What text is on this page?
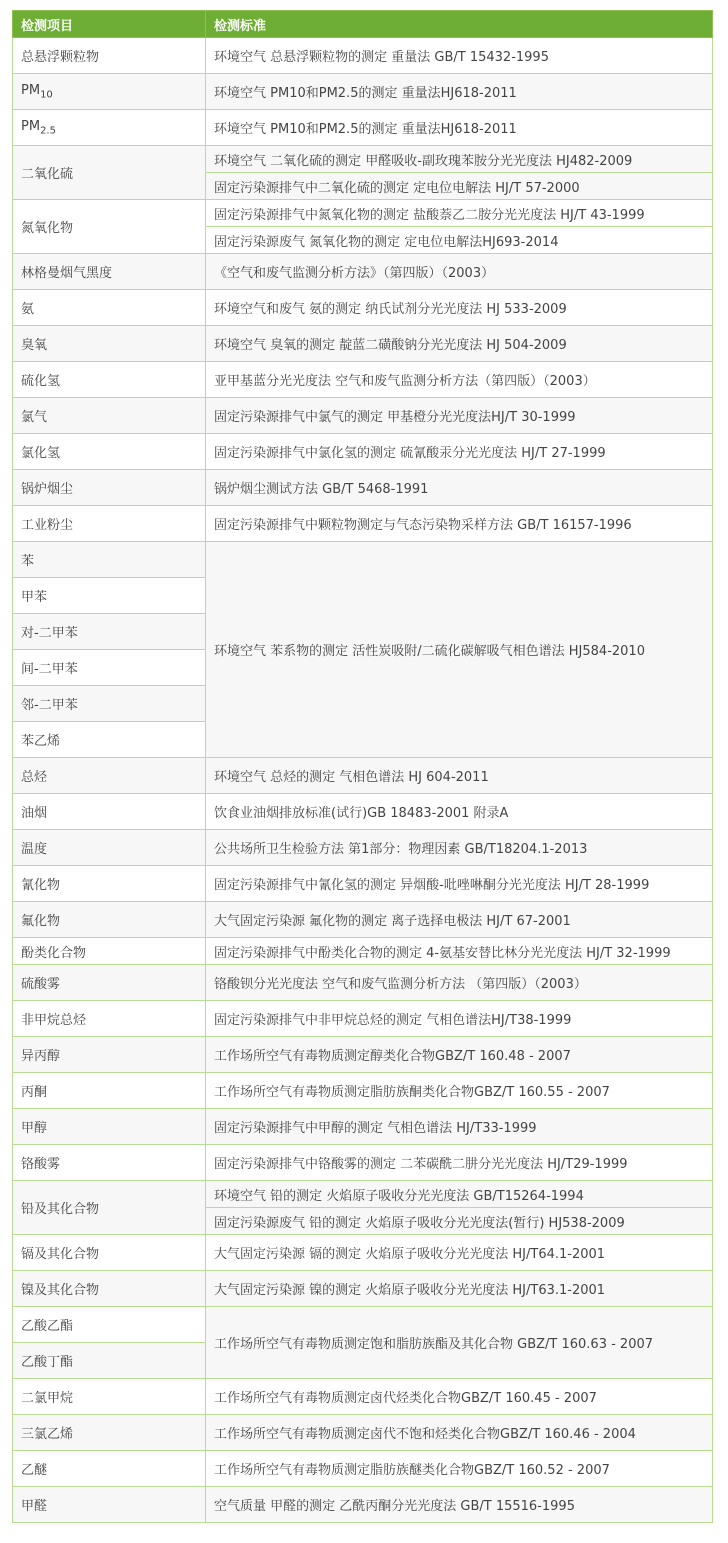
检测项目	检测标准
总悬浮颗粒物	环境空气 总悬浮颗粒物的测定 重量法 GB/T 15432-1995
$PM_{10}$	环境空气 PM10和PM2.5的测定 重量法HJ618-2011
$PM_{2.5}$	环境空气 PM10和PM2.5的测定 重量法HJ618-2011
二氧化硫	环境空气 二氧化硫的测定 甲醛吸收-副玫瑰苯胺分光光度法 HJ482-2009
	固定污染源排气中二氧化硫的测定 定电位电解法 HJ/T 57-2000
氮氧化物	固定污染源排气中氮氧化物的测定 盐酸萘乙二胺分光光度法 HJ/T 43-1999
	固定污染源废气 氮氧化物的测定 定电位电解法HJ693-2014
林格曼烟气黑度	《空气和废气监测分析方法》（第四版）（2003）
氨	环境空气和废气 氨的测定 纳氏试剂分光光度法 HJ 533-2009
臭氧	环境空气 臭氧的测定 靛蓝二磺酸钠分光光度法 HJ 504-2009
硫化氢	亚甲基蓝分光光度法 空气和废气监测分析方法（第四版）（2003）
氯气	固定污染源排气中氯气的测定 甲基橙分光光度法HJ/T 30-1999
氯化氢	固定污染源排气中氯化氢的测定 硫氰酸汞分光光度法 HJ/T 27-1999
锅炉烟尘	锅炉烟尘测试方法 GB/T 5468-1991
工业粉尘	固定污染源排气中颗粒物测定与气态污染物采样方法 GB/T 16157-1996
苯	环境空气 苯系物的测定 活性炭吸附/二硫化碳解吸气相色谱法 HJ584-2010
甲苯	
对-二甲苯	
间-二甲苯	
邻-二甲苯	
苯乙烯	
总烃	环境空气 总烃的测定 气相色谱法 HJ 604-2011
油烟	饮食业油烟排放标准(试行)GB 18483-2001 附录A
温度	公共场所卫生检验方法 第1部分：物理因素 GB/T18204.1-2013
氰化物	固定污染源排气中氰化氢的测定 异烟酸-吡唑啉酮分光光度法 HJ/T 28-1999
氟化物	大气固定污染源 氟化物的测定 离子选择电极法 HJ/T 67-2001
酚类化合物	固定污染源排气中酚类化合物的测定 4-氨基安替比林分光光度法 HJ/T 32-1999
硫酸雾	铬酸钡分光光度法 空气和废气监测分析方法 （第四版）（2003）
非甲烷总烃	固定污染源排气中非甲烷总烃的测定 气相色谱法HJ/T38-1999
异丙醇	工作场所空气有毒物质测定醇类化合物GBZ/T 160.48 - 2007
丙酮	工作场所空气有毒物质测定脂肪族酮类化合物GBZ/T 160.55 - 2007
甲醇	固定污染源排气中甲醇的测定 气相色谱法 HJ/T33-1999
铬酸雾	固定污染源排气中铬酸雾的测定 二苯碳酰二肼分光光度法 HJ/T29-1999
铅及其化合物	环境空气 铅的测定 火焰原子吸收分光光度法 GB/T15264-1994
	固定污染源废气 铅的测定 火焰原子吸收分光光度法(暂行) HJ538-2009
镉及其化合物	大气固定污染源 镉的测定 火焰原子吸收分光光度法 HJ/T64.1-2001
镍及其化合物	大气固定污染源 镍的测定 火焰原子吸收分光光度法 HJ/T63.1-2001
乙酸乙酯	工作场所空气有毒物质测定饱和脂肪族酯及其化合物 GBZ/T 160.63 - 2007
乙酸丁酯	
二氯甲烷	工作场所空气有毒物质测定卤代烃类化合物GBZ/T 160.45 - 2007
三氯乙烯	工作场所空气有毒物质测定卤代不饱和烃类化合物GBZ/T 160.46 - 2004
乙醚	工作场所空气有毒物质测定脂肪族醚类化合物GBZ/T 160.52 - 2007
甲醛	空气质量 甲醛的测定 乙酰丙酮分光光度法 GB/T 15516-1995
